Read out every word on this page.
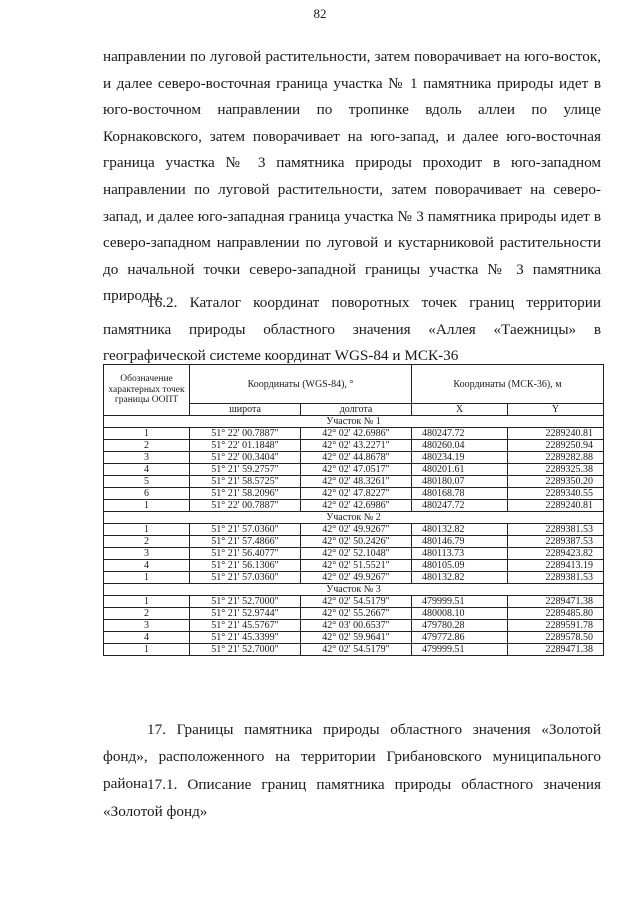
82
направлении по луговой растительности, затем поворачивает на юго-восток, и далее северо-восточная граница участка № 1 памятника природы идет в юго-восточном направлении по тропинке вдоль аллеи по улице Корнаковского, затем поворачивает на юго-запад, и далее юго-восточная граница участка № 3 памятника природы проходит в юго-западном направлении по луговой растительности, затем поворачивает на северо-запад, и далее юго-западная граница участка № 3 памятника природы идет в северо-западном направлении по луговой и кустарниковой растительности до начальной точки северо-западной границы участка № 3 памятника природы.
16.2. Каталог координат поворотных точек границ территории памятника природы областного значения «Аллея «Таежницы» в географической системе координат WGS-84 и МСК-36
Обозначение характерных точек границы ООПТ	Координаты (WGS-84), °		Координаты (МСК-36), м	
	широта	долгота	X	Y
Участок № 1				
1	51° 22' 00.7887"	42° 02' 42.6986"	480247.72	2289240.81
2	51° 22' 01.1848"	42° 02' 43.2271"	480260.04	2289250.94
3	51° 22' 00.3404"	42° 02' 44.8678"	480234.19	2289282.88
4	51° 21' 59.2757"	42° 02' 47.0517"	480201.61	2289325.38
5	51° 21' 58.5725"	42° 02' 48.3261"	480180.07	2289350.20
6	51° 21' 58.2096"	42° 02' 47.8227"	480168.78	2289340.55
1	51° 22' 00.7887"	42° 02' 42.6986"	480247.72	2289240.81
Участок № 2				
1	51° 21' 57.0360"	42° 02' 49.9267"	480132.82	2289381.53
2	51° 21' 57.4866"	42° 02' 50.2426"	480146.79	2289387.53
3	51° 21' 56.4077"	42° 02' 52.1048"	480113.73	2289423.82
4	51° 21' 56.1306"	42° 02' 51.5521"	480105.09	2289413.19
1	51° 21' 57.0360"	42° 02' 49.9267"	480132.82	2289381.53
Участок № 3				
1	51° 21' 52.7000"	42° 02' 54.5179"	479999.51	2289471.38
2	51° 21' 52.9744"	42° 02' 55.2667"	480008.10	2289485.80
3	51° 21' 45.5767"	42° 03' 00.6537"	479780.28	2289591.78
4	51° 21' 45.3399"	42° 02' 59.9641"	479772.86	2289578.50
1	51° 21' 52.7000"	42° 02' 54.5179"	479999.51	2289471.38
17. Границы памятника природы областного значения «Золотой фонд», расположенного на территории Грибановского муниципального района 17.1. Описание границ памятника природы областного значения «Золотой фонд»
